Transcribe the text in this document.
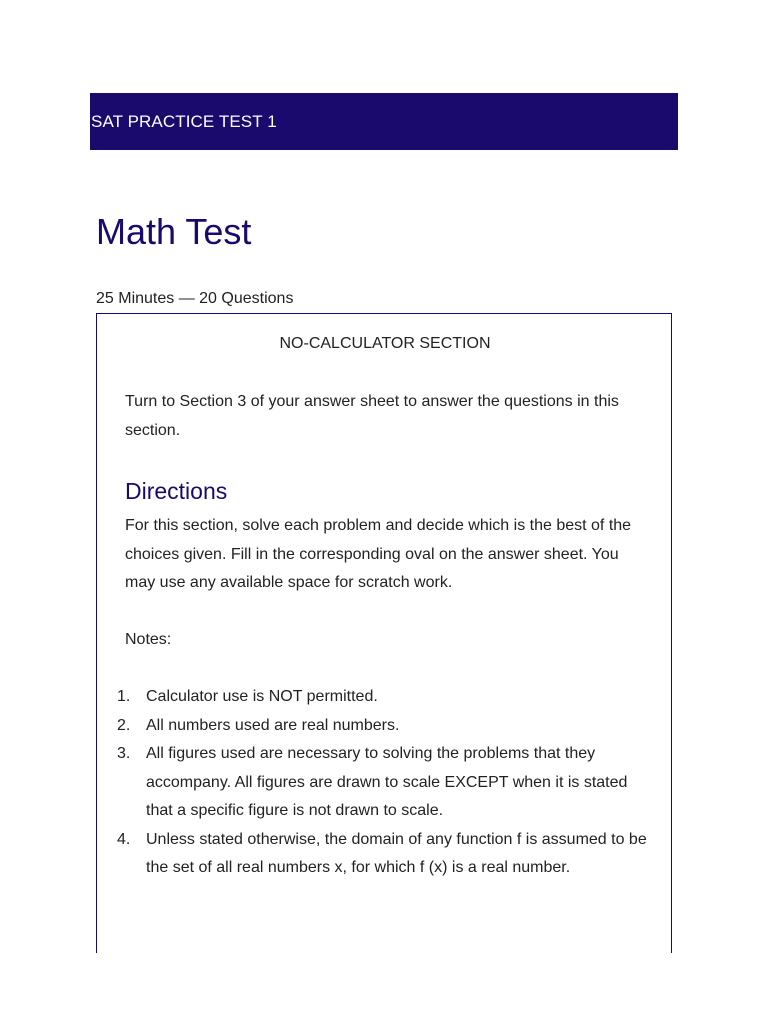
SAT PRACTICE TEST 1
Math Test
25 Minutes — 20 Questions
NO-CALCULATOR SECTION
Turn to Section 3 of your answer sheet to answer the questions in this section.
Directions
For this section, solve each problem and decide which is the best of the choices given. Fill in the corresponding oval on the answer sheet. You may use any available space for scratch work.
Notes:
1. Calculator use is NOT permitted.
2. All numbers used are real numbers.
3. All figures used are necessary to solving the problems that they accompany. All figures are drawn to scale EXCEPT when it is stated that a specific figure is not drawn to scale.
4. Unless stated otherwise, the domain of any function f is assumed to be the set of all real numbers x, for which f (x) is a real number.
